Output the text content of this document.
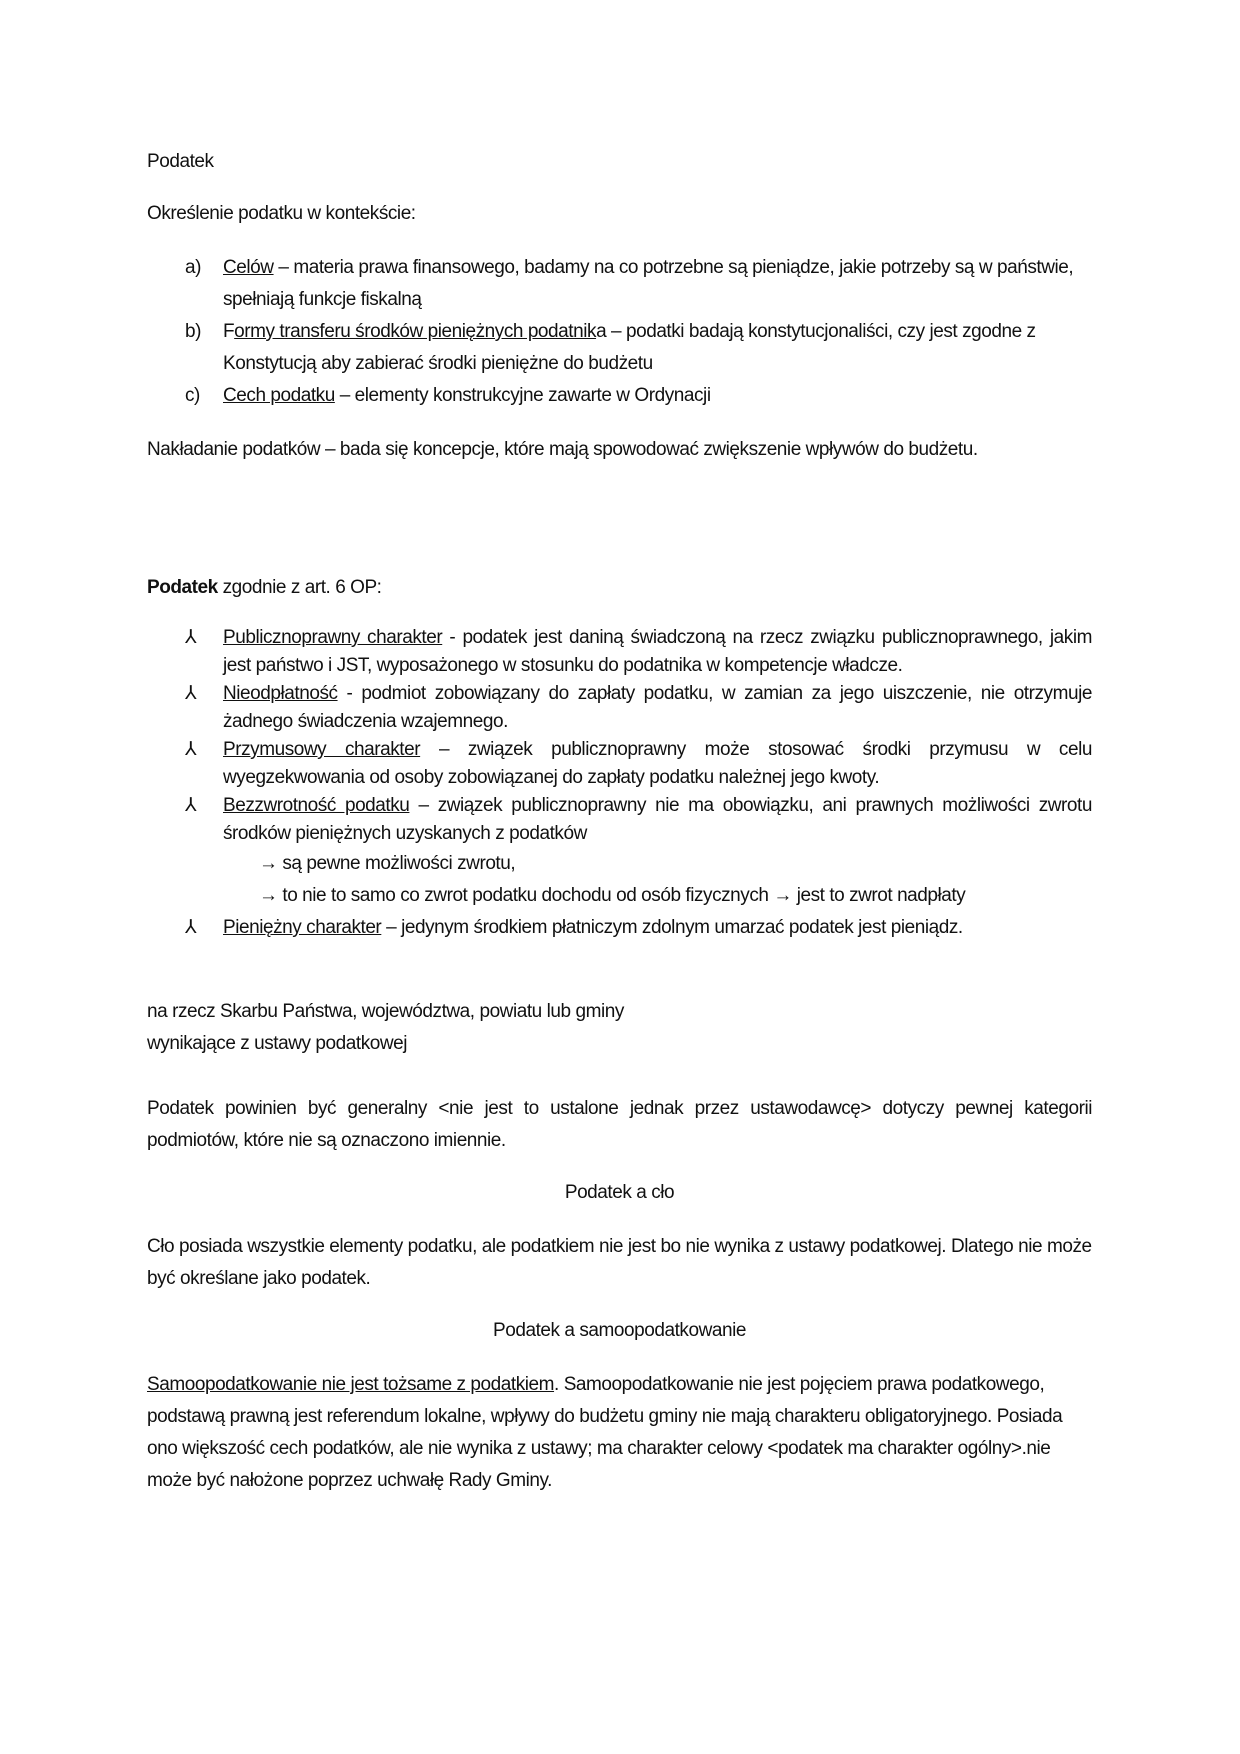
Podatek
Określenie podatku w kontekście:
a) Celów – materia prawa finansowego, badamy na co potrzebne są pieniądze, jakie potrzeby są w państwie, spełniają funkcje fiskalną
b) Formy transferu środków pieniężnych podatnika – podatki badają konstytucjonaliści, czy jest zgodne z Konstytucją aby zabierać środki pieniężne do budżetu
c) Cech podatku – elementy konstrukcyjne zawarte w Ordynacji
Nakładanie podatków – bada się koncepcje, które mają spowodować zwiększenie wpływów do budżetu.
Podatek zgodnie z art. 6 OP:
⅄ Publicznoprawny charakter - podatek jest daniną świadczoną na rzecz związku publicznoprawnego, jakim jest państwo i JST, wyposażonego w stosunku do podatnika w kompetencje władcze.
⅄ Nieodpłatność - podmiot zobowiązany do zapłaty podatku, w zamian za jego uiszczenie, nie otrzymuje żadnego świadczenia wzajemnego.
⅄ Przymusowy charakter – związek publicznoprawny może stosować środki przymusu w celu wyegzekwowania od osoby zobowiązanej do zapłaty podatku należnej jego kwoty.
⅄ Bezzwrotność podatku – związek publicznoprawny nie ma obowiązku, ani prawnych możliwości zwrotu środków pieniężnych uzyskanych z podatków
→ są pewne możliwości zwrotu,
→ to nie to samo co zwrot podatku dochodu od osób fizycznych → jest to zwrot nadpłaty
⅄ Pieniężny charakter – jedynym środkiem płatniczym zdolnym umarzać podatek jest pieniądz.
na rzecz Skarbu Państwa, województwa, powiatu lub gminy
wynikające z ustawy podatkowej
Podatek powinien być generalny <nie jest to ustalone jednak przez ustawodawcę> dotyczy pewnej kategorii podmiotów, które nie są oznaczono imiennie.
Podatek a cło
Cło posiada wszystkie elementy podatku, ale podatkiem nie jest bo nie wynika z ustawy podatkowej. Dlatego nie może być określane jako podatek.
Podatek a samoopodatkowanie
Samoopodatkowanie nie jest tożsame z podatkiem. Samoopodatkowanie nie jest pojęciem prawa podatkowego, podstawą prawną jest referendum lokalne, wpływy do budżetu gminy nie mają charakteru obligatoryjnego. Posiada ono większość cech podatków, ale nie wynika z ustawy; ma charakter celowy <podatek ma charakter ogólny>.nie może być nałożone poprzez uchwałę Rady Gminy.
